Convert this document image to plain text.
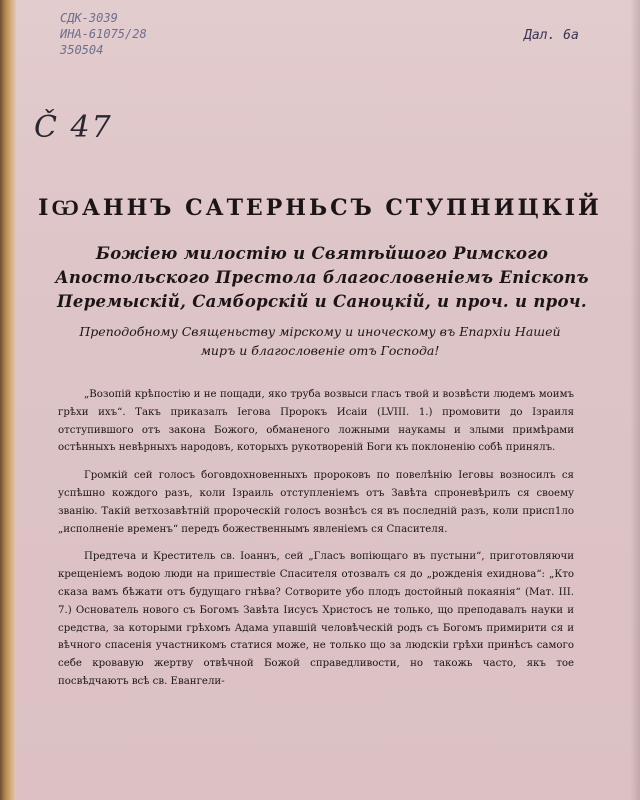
СДК-3039
ИНА-61075/28
350504
Дал. 6а
Č 47
ІѠАННЪ САТЕРНЬСЪ СТУПНИЦКІЙ
Божіею милостію и Святѣйшого Римского Апостольского Престола благословеніемъ Епіскопъ Перемыскій, Самборскій и Саноцкій, и проч. и проч.
Преподобному Священьству мірскому и иноческому въ Епархіи Нашей миръ и благословеніе отъ Господа!

„Возопій крѣпостію и не пощади, яко труба возвыси гласъ твой и возвѣсти людемъ моимъ грѣхи ихъ“. Такъ приказалъ Іегова Пророкъ Исаіи (LVIII. 1.) промовити до Ізраиля отступившого отъ закона Божого, обманеного ложными наукамы и злыми примѣрами остѣнныхъ невѣрныхъ народовъ, которыхъ рукотвореній Боги къ поклоненію собѣ принялъ.

Громкій сей голосъ боговдохновенныхъ пророковъ по повелѣнію Іеговы возносилъ ся успѣшно кождого разъ, коли Ізраиль отступленіемъ отъ Завѣта спроневѣрилъ ся своему званію. Такій ветхозавѣтній пророческій голосъ вознѣсъ ся въ последній разъ, коли присп1ло „исполненіе временъ“ передъ божественнымъ явленіемъ ся Спасителя.

Предтеча и Креститель св. Іоаннъ, сей „Гласъ вопіющаго въ пустыни“, приготовляючи крещеніемъ водою люди на пришествіе Спасителя отозвалъ ся до „рожденія ехиднова“: „Кто сказа вамъ бѣжати отъ будущаго гнѣва? Сотворите убо плодъ достойный покаянія“ (Мат. ІІІ. 7.) Основатель нового съ Богомъ Завѣта Іисусъ Христосъ не только, що преподавалъ науки и средства, за которыми грѣхомъ Адама упавшій человѣческій родъ съ Богомъ примирити ся и вѣчного спасенія участникомъ статися може, не только що за людскіи грѣхи принѣсъ самого себе кровавую жертву отвѣчной Божой справедливости, но такожь часто, якъ тое посвѣдчаютъ всѣ св. Евангели-
